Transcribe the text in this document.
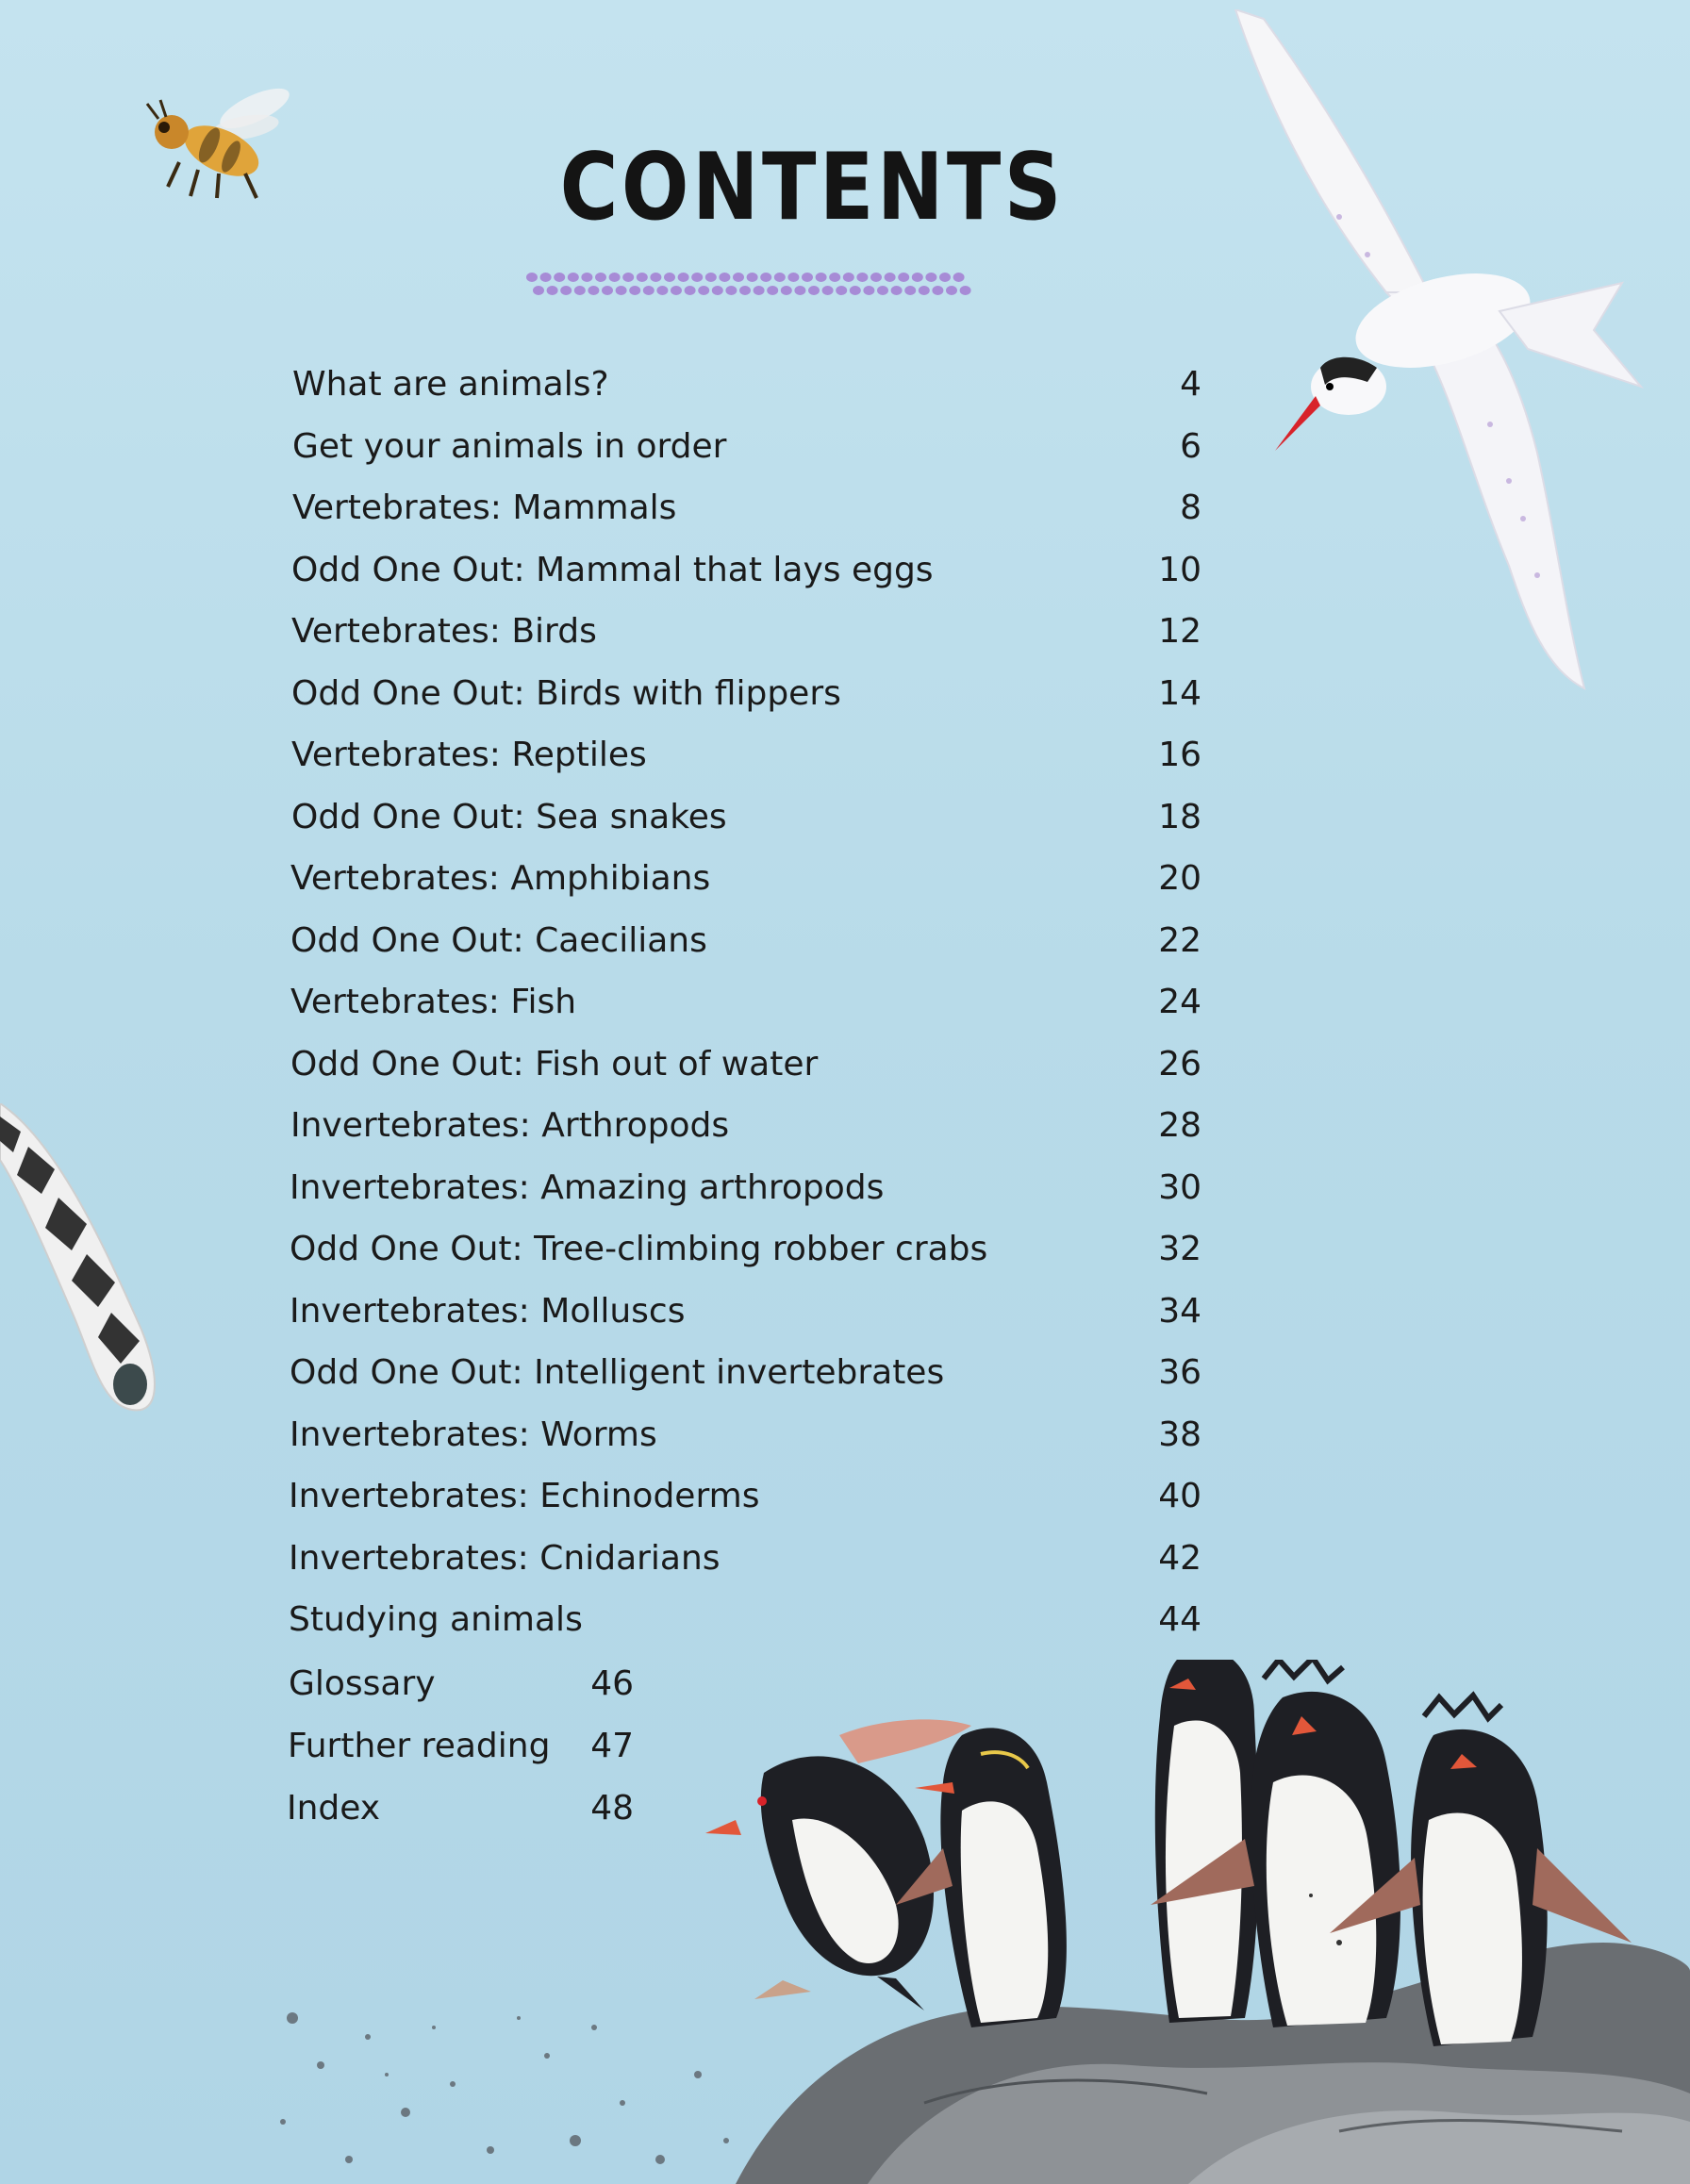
CONTENTS
What are animals?	4
Get your animals in order	6
Vertebrates: Mammals	8
Odd One Out: Mammal that lays eggs	10
Vertebrates: Birds	12
Odd One Out: Birds with flippers	14
Vertebrates: Reptiles	16
Odd One Out: Sea snakes	18
Vertebrates: Amphibians	20
Odd One Out: Caecilians	22
Vertebrates: Fish	24
Odd One Out: Fish out of water	26
Invertebrates: Arthropods	28
Invertebrates: Amazing arthropods	30
Odd One Out: Tree-climbing robber crabs	32
Invertebrates: Molluscs	34
Odd One Out: Intelligent invertebrates	36
Invertebrates: Worms	38
Invertebrates: Echinoderms	40
Invertebrates: Cnidarians	42
Studying animals	44
Glossary	46
Further reading 47
Index	48
